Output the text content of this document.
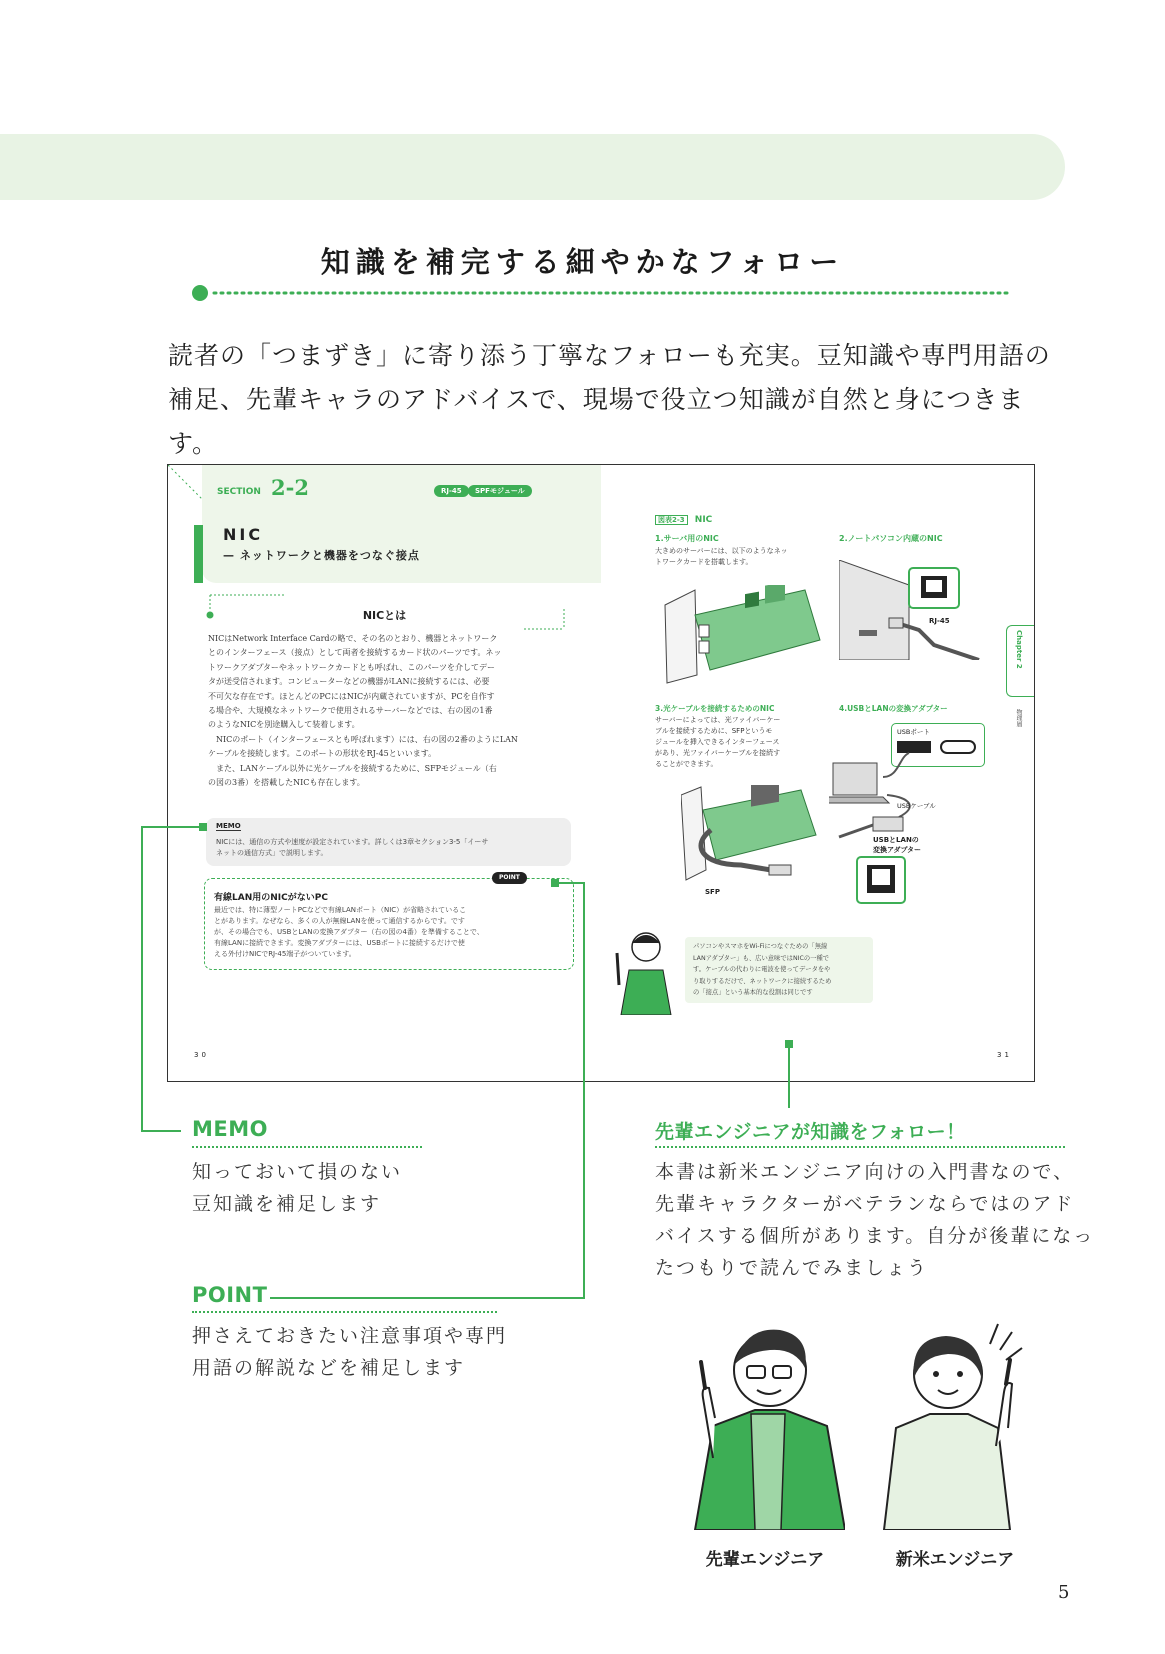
知識を補完する細やかなフォロー
読者の「つまずき」に寄り添う丁寧なフォローも充実。豆知識や専門用語の
補足、先輩キャラのアドバイスで、現場で役立つ知識が自然と身につきます。
SECTION 2-2	RJ-45	SPFモジュール
NIC
— ネットワークと機器をつなぐ接点
NICとは
NICはNetwork Interface Cardの略で、その名のとおり、機器とネットワーク
とのインターフェース（接点）として両者を接続するカード状のパーツです。ネッ
トワークアダプターやネットワークカードとも呼ばれ、このパーツを介してデー
タが送受信されます。コンピューターなどの機器がLANに接続するには、必要
不可欠な存在です。ほとんどのPCにはNICが内蔵されていますが、PCを自作す
る場合や、大規模なネットワークで使用されるサーバーなどでは、右の図の1番
のようなNICを別途購入して装着します。
　NICのポート（インターフェースとも呼ばれます）には、右の図の2番のようにLAN
ケーブルを接続します。このポートの形状をRJ-45といいます。
　また、LANケーブル以外に光ケーブルを接続するために、SFPモジュール（右
の図の3番）を搭載したNICも存在します。
MEMO
NICには、通信の方式や速度が設定されています。詳しくは3章セクション3-5「イーサ
ネットの通信方式」で説明します。
POINT
有線LAN用のNICがないPC
最近では、特に薄型ノートPCなどで有線LANポート（NIC）が省略されているこ
とがあります。なぜなら、多くの人が無線LANを使って通信するからです。です
が、その場合でも、USBとLANの変換アダプター（右の図の4番）を準備することで、
有線LANに接続できます。変換アダプターには、USBポートに接続するだけで使
える外付けNICでRJ-45端子がついています。
30
図表2-3 NIC
1.サーバ用のNIC
大きめのサーバーには、以下のようなネッ
トワークカードを搭載します。
2.ノートパソコン内蔵のNIC
RJ-45
Chapter 2
物理層
3.光ケーブルを接続するためのNIC
サーバーによっては、光ファイバーケー
ブルを接続するために、SFPというモ
ジュールを挿入できるインターフェース
があり、光ファイバーケーブルを接続す
ることができます。
SFP
4.USBとLANの変換アダプター
USBポート
USBケーブル
USBとLANの
変換アダプター
パソコンやスマホをWi-Fiにつなぐための「無線
LANアダプター」も、広い意味ではNICの一種で
す。ケーブルの代わりに電波を使ってデータをや
り取りするだけで、ネットワークに接続するため
の「接点」という基本的な役割は同じです
31
MEMO
知っておいて損のない
豆知識を補足します
POINT
押さえておきたい注意事項や専門
用語の解説などを補足します
先輩エンジニアが知識をフォロー！
本書は新米エンジニア向けの入門書なので、
先輩キャラクターがベテランならではのアド
バイスする個所があります。自分が後輩になっ
たつもりで読んでみましょう
先輩エンジニア	新米エンジニア
5
